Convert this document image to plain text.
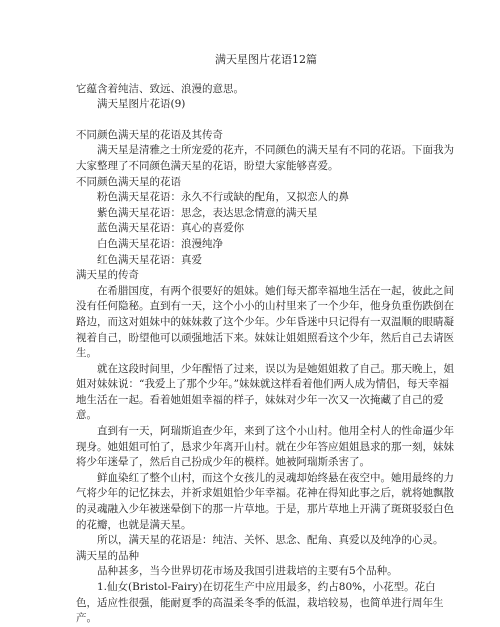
满天星图片花语12篇

它蕴含着纯洁、致远、浪漫的意思。

满天星图片花语(9)

不同颜色满天星的花语及其传奇

满天星是清雅之士所宠爱的花卉，不同颜色的满天星有不同的花语。下面我为大家整理了不同颜色满天星的花语，盼望大家能够喜爱。

不同颜色满天星的花语

粉色满天星花语：永久不行或缺的配角，又拟恋人的鼻

紫色满天星花语：思念，表达思念情意的满天星

蓝色满天星花语：真心的喜爱你

白色满天星花语：浪漫纯净

红色满天星花语：真爱

满天星的传奇

在希腊国度，有两个很要好的姐妹。她们每天都幸福地生活在一起，彼此之间没有任何隐秘。直到有一天，这个小小的山村里来了一个少年，他身负重伤跌倒在路边，而这对姐妹中的妹妹救了这个少年。少年昏迷中只记得有一双温顺的眼睛凝视着自己，盼望他可以顽强地活下来。妹妹让姐姐照看这个少年，然后自己去请医生。

就在这段时间里，少年醒悟了过来，误以为是她姐姐救了自己。那天晚上，姐姐对妹妹说：“我爱上了那个少年。”妹妹就这样看着他们两人成为情侣，每天幸福地生活在一起。看着她姐姐幸福的样子，妹妹对少年一次又一次掩藏了自己的爱意。

直到有一天，阿瑞斯追查少年，来到了这个小山村。他用全村人的性命逼少年现身。她姐姐可怕了，恳求少年离开山村。就在少年答应姐姐恳求的那一刻，妹妹将少年迷晕了，然后自己扮成少年的模样。她被阿瑞斯杀害了。

鲜血染红了整个山村，而这个女孩儿的灵魂却始终悬在夜空中。她用最终的力气将少年的记忆抹去，并祈求姐姐恰少年幸福。花神在得知此事之后，就将她飘散的灵魂融入少年被迷晕倒下的那一片草地。于是，那片草地上开满了斑斑驳驳白色的花瓣，也就是满天星。

所以，满天星的花语是：纯洁、关怀、思念、配角、真爱以及纯净的心灵。

满天星的品种

品种甚多，当今世界切花市场及我国引进栽培的主要有5个品种。

1.仙女(Bristol-Fairy)在切花生产中应用最多，约占80%，小花型。花白色，适应性很强，能耐夏季的高温柔冬季的低温，栽培较易，也简单进行周年生产。
